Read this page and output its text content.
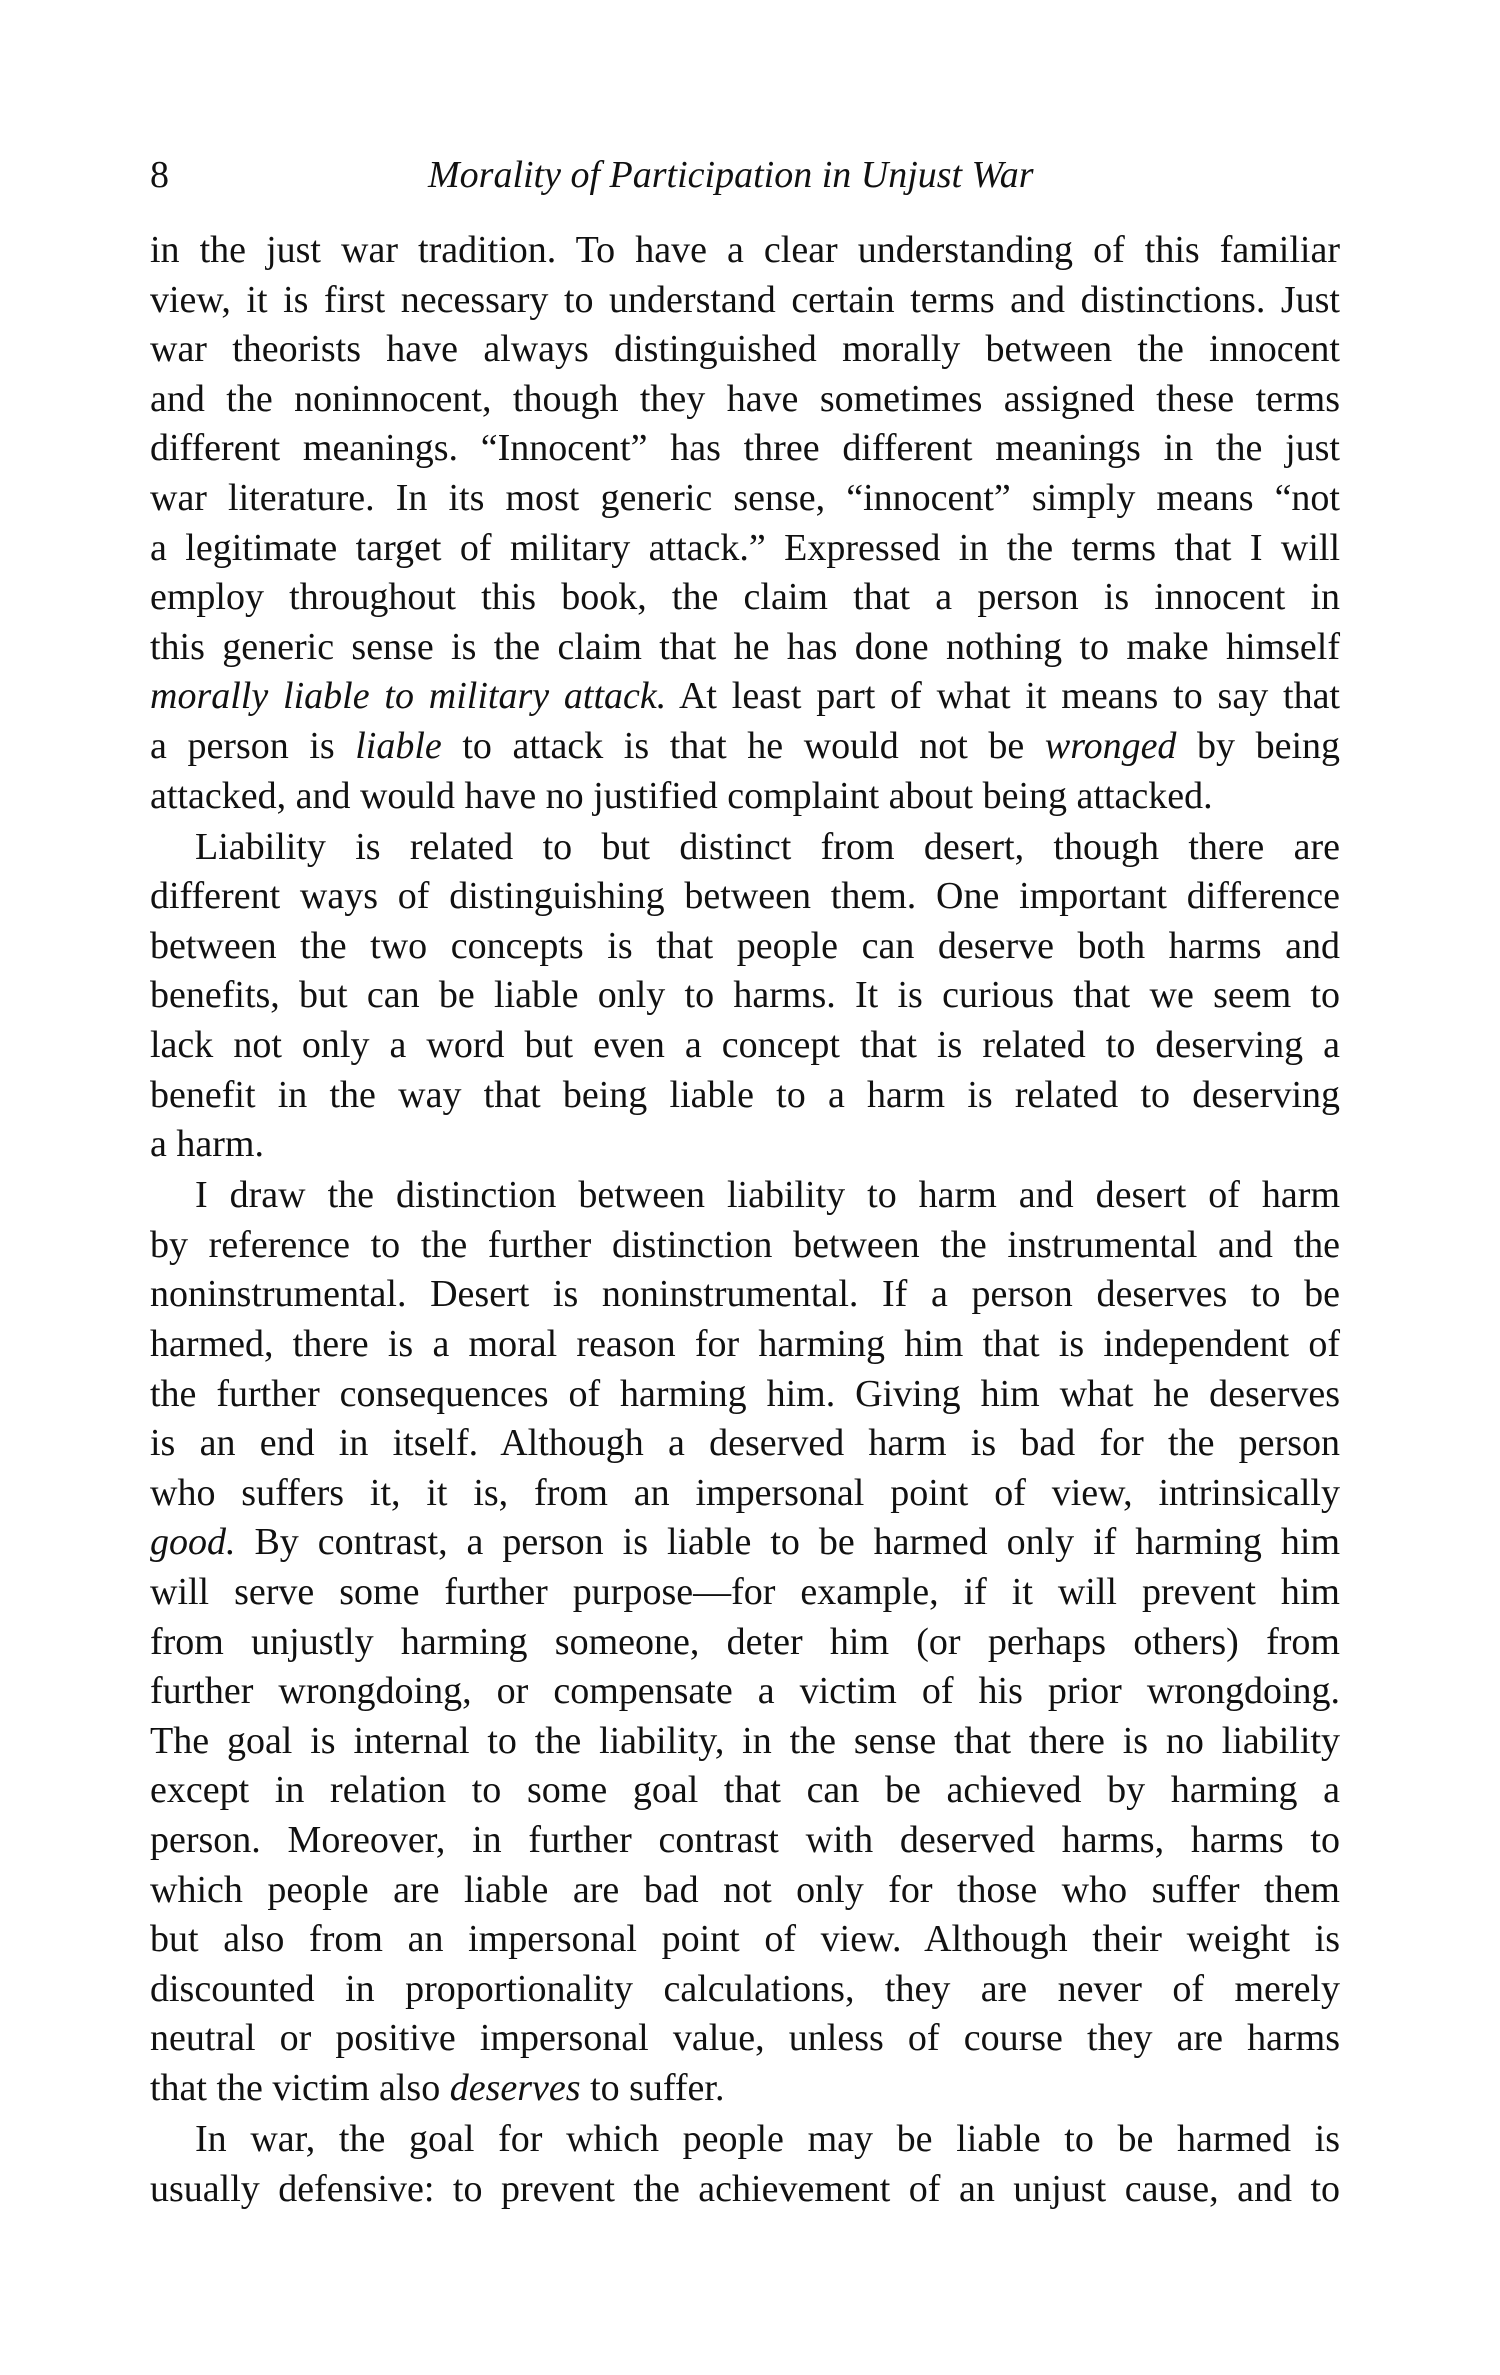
8	Morality of Participation in Unjust War
in the just war tradition. To have a clear understanding of this familiar
view, it is first necessary to understand certain terms and distinctions. Just
war theorists have always distinguished morally between the innocent
and the noninnocent, though they have sometimes assigned these terms
different meanings. “Innocent” has three different meanings in the just
war literature. In its most generic sense, “innocent” simply means “not
a legitimate target of military attack.” Expressed in the terms that I will
employ throughout this book, the claim that a person is innocent in
this generic sense is the claim that he has done nothing to make himself
morally liable to military attack. At least part of what it means to say that
a person is liable to attack is that he would not be wronged by being
attacked, and would have no justified complaint about being attacked.
Liability is related to but distinct from desert, though there are
different ways of distinguishing between them. One important difference
between the two concepts is that people can deserve both harms and
benefits, but can be liable only to harms. It is curious that we seem to
lack not only a word but even a concept that is related to deserving a
benefit in the way that being liable to a harm is related to deserving
a harm.
I draw the distinction between liability to harm and desert of harm
by reference to the further distinction between the instrumental and the
noninstrumental. Desert is noninstrumental. If a person deserves to be
harmed, there is a moral reason for harming him that is independent of
the further consequences of harming him. Giving him what he deserves
is an end in itself. Although a deserved harm is bad for the person
who suffers it, it is, from an impersonal point of view, intrinsically
good. By contrast, a person is liable to be harmed only if harming him
will serve some further purpose—for example, if it will prevent him
from unjustly harming someone, deter him (or perhaps others) from
further wrongdoing, or compensate a victim of his prior wrongdoing.
The goal is internal to the liability, in the sense that there is no liability
except in relation to some goal that can be achieved by harming a
person. Moreover, in further contrast with deserved harms, harms to
which people are liable are bad not only for those who suffer them
but also from an impersonal point of view. Although their weight is
discounted in proportionality calculations, they are never of merely
neutral or positive impersonal value, unless of course they are harms
that the victim also deserves to suffer.
In war, the goal for which people may be liable to be harmed is
usually defensive: to prevent the achievement of an unjust cause, and to
